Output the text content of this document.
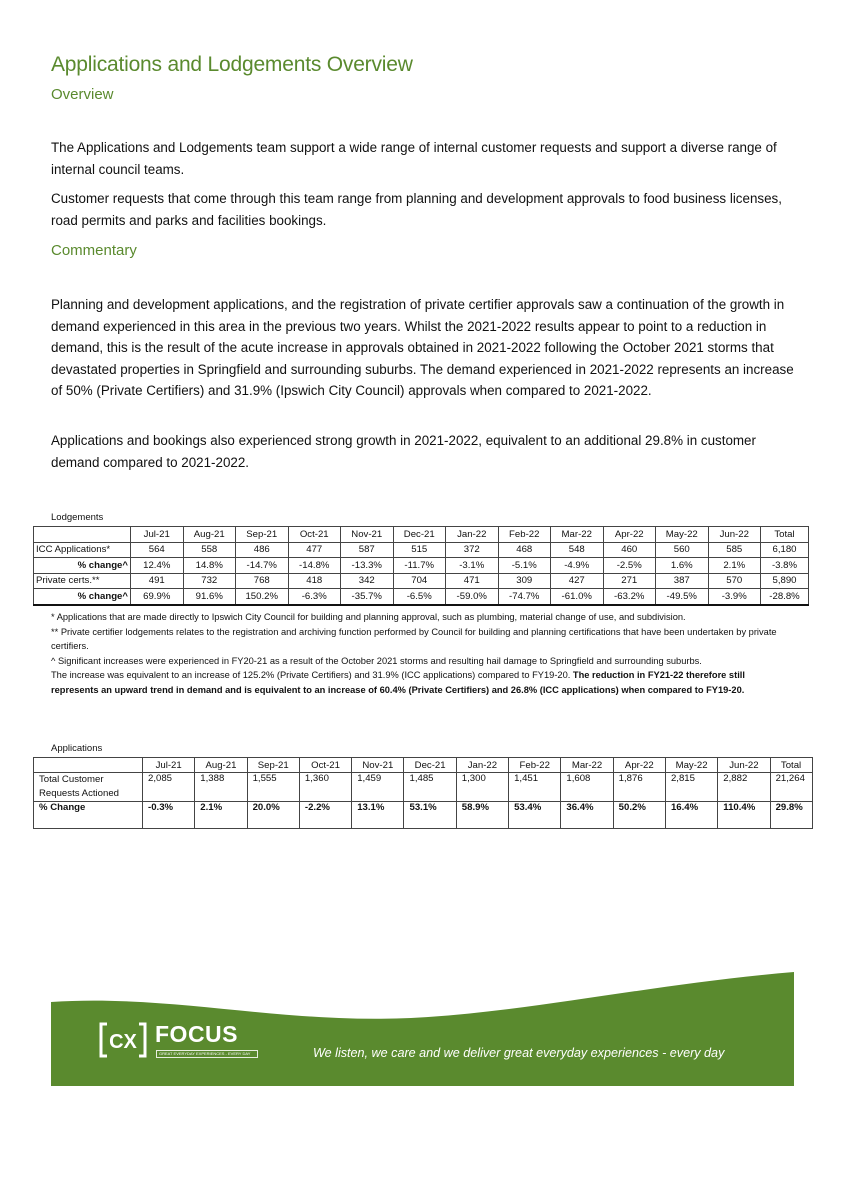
Applications and Lodgements Overview
Overview

The Applications and Lodgements team support a wide range of internal customer requests and support a diverse range of internal council teams.

Customer requests that come through this team range from planning and development approvals to food business licenses, road permits and parks and facilities bookings.

Commentary

Planning and development applications, and the registration of private certifier approvals saw a continuation of the growth in demand experienced in this area in the previous two years. Whilst the 2021-2022 results appear to point to a reduction in demand, this is the result of the acute increase in approvals obtained in 2021-2022 following the October 2021 storms that devastated properties in Springfield and surrounding suburbs. The demand experienced in 2021-2022 represents an increase of 50% (Private Certifiers) and 31.9% (Ipswich City Council) approvals when compared to 2021-2022.

Applications and bookings also experienced strong growth in 2021-2022, equivalent to an additional 29.8% in customer demand compared to 2021-2022.

Lodgements
	Jul-21	Aug-21	Sep-21	Oct-21	Nov-21	Dec-21	Jan-22	Feb-22	Mar-22	Apr-22	May-22	Jun-22	Total
ICC Applications*	564	558	486	477	587	515	372	468	548	460	560	585	6,180
% change^	12.4%	14.8%	-14.7%	-14.8%	-13.3%	-11.7%	-3.1%	-5.1%	-4.9%	-2.5%	1.6%	2.1%	-3.8%
Private certs.**	491	732	768	418	342	704	471	309	427	271	387	570	5,890
% change^	69.9%	91.6%	150.2%	-6.3%	-35.7%	-6.5%	-59.0%	-74.7%	-61.0%	-63.2%	-49.5%	-3.9%	-28.8%

* Applications that are made directly to Ipswich City Council for building and planning approval, such as plumbing, material change of use, and subdivision.

** Private certifier lodgements relates to the registration and archiving function performed by Council for building and planning certifications that have been undertaken by private certifiers.

^ Significant increases were experienced in FY20-21 as a result of the October 2021 storms and resulting hail damage to Springfield and surrounding suburbs.

The increase was equivalent to an increase of 125.2% (Private Certifiers) and 31.9% (ICC applications) compared to FY19-20. The reduction in FY21-22 therefore still represents an upward trend in demand and is equivalent to an increase of 60.4% (Private Certifiers) and 26.8% (ICC applications) when compared to FY19-20.

Applications
	Jul-21	Aug-21	Sep-21	Oct-21	Nov-21	Dec-21	Jan-22	Feb-22	Mar-22	Apr-22	May-22	Jun-22	Total
Total Customer Requests Actioned	2,085	1,388	1,555	1,360	1,459	1,485	1,300	1,451	1,608	1,876	2,815	2,882	21,264
% Change	-0.3%	2.1%	20.0%	-2.2%	13.1%	53.1%	58.9%	53.4%	36.4%	50.2%	16.4%	110.4%	29.8%
CX FOCUS
GREAT EVERYDAY EXPERIENCES - EVERY DAY	We listen, we care and we deliver great everyday experiences - every day
